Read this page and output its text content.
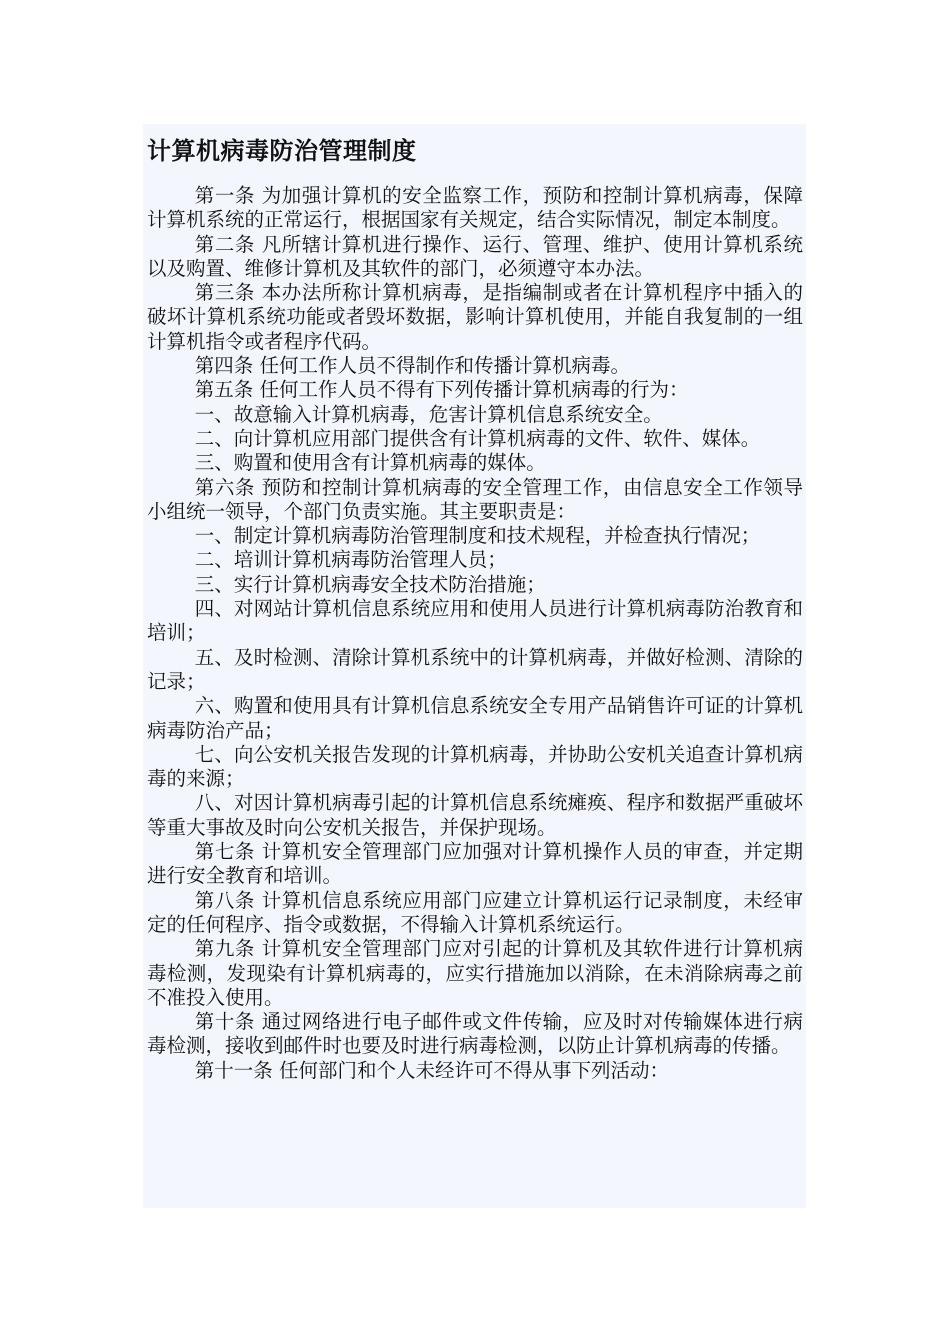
计算机病毒防治管理制度

第一条 为加强计算机的安全监察工作，预防和控制计算机病毒，保障计算机系统的正常运行，根据国家有关规定，结合实际情况，制定本制度。

第二条 凡所辖计算机进行操作、运行、管理、维护、使用计算机系统以及购置、维修计算机及其软件的部门，必须遵守本办法。

第三条 本办法所称计算机病毒，是指编制或者在计算机程序中插入的破坏计算机系统功能或者毁坏数据，影响计算机使用，并能自我复制的一组计算机指令或者程序代码。

第四条 任何工作人员不得制作和传播计算机病毒。

第五条 任何工作人员不得有下列传播计算机病毒的行为：

一、故意输入计算机病毒，危害计算机信息系统安全。

二、向计算机应用部门提供含有计算机病毒的文件、软件、媒体。

三、购置和使用含有计算机病毒的媒体。

第六条 预防和控制计算机病毒的安全管理工作，由信息安全工作领导小组统一领导，个部门负责实施。其主要职责是：

一、制定计算机病毒防治管理制度和技术规程，并检查执行情况；

二、培训计算机病毒防治管理人员；

三、实行计算机病毒安全技术防治措施；

四、对网站计算机信息系统应用和使用人员进行计算机病毒防治教育和培训；

五、及时检测、清除计算机系统中的计算机病毒，并做好检测、清除的记录；

六、购置和使用具有计算机信息系统安全专用产品销售许可证的计算机病毒防治产品；

七、向公安机关报告发现的计算机病毒，并协助公安机关追查计算机病毒的来源；

八、对因计算机病毒引起的计算机信息系统瘫痪、程序和数据严重破坏等重大事故及时向公安机关报告，并保护现场。

第七条 计算机安全管理部门应加强对计算机操作人员的审查，并定期进行安全教育和培训。

第八条 计算机信息系统应用部门应建立计算机运行记录制度，未经审定的任何程序、指令或数据，不得输入计算机系统运行。

第九条 计算机安全管理部门应对引起的计算机及其软件进行计算机病毒检测，发现染有计算机病毒的，应实行措施加以消除，在未消除病毒之前不准投入使用。

第十条 通过网络进行电子邮件或文件传输，应及时对传输媒体进行病毒检测，接收到邮件时也要及时进行病毒检测，以防止计算机病毒的传播。

第十一条 任何部门和个人未经许可不得从事下列活动：
